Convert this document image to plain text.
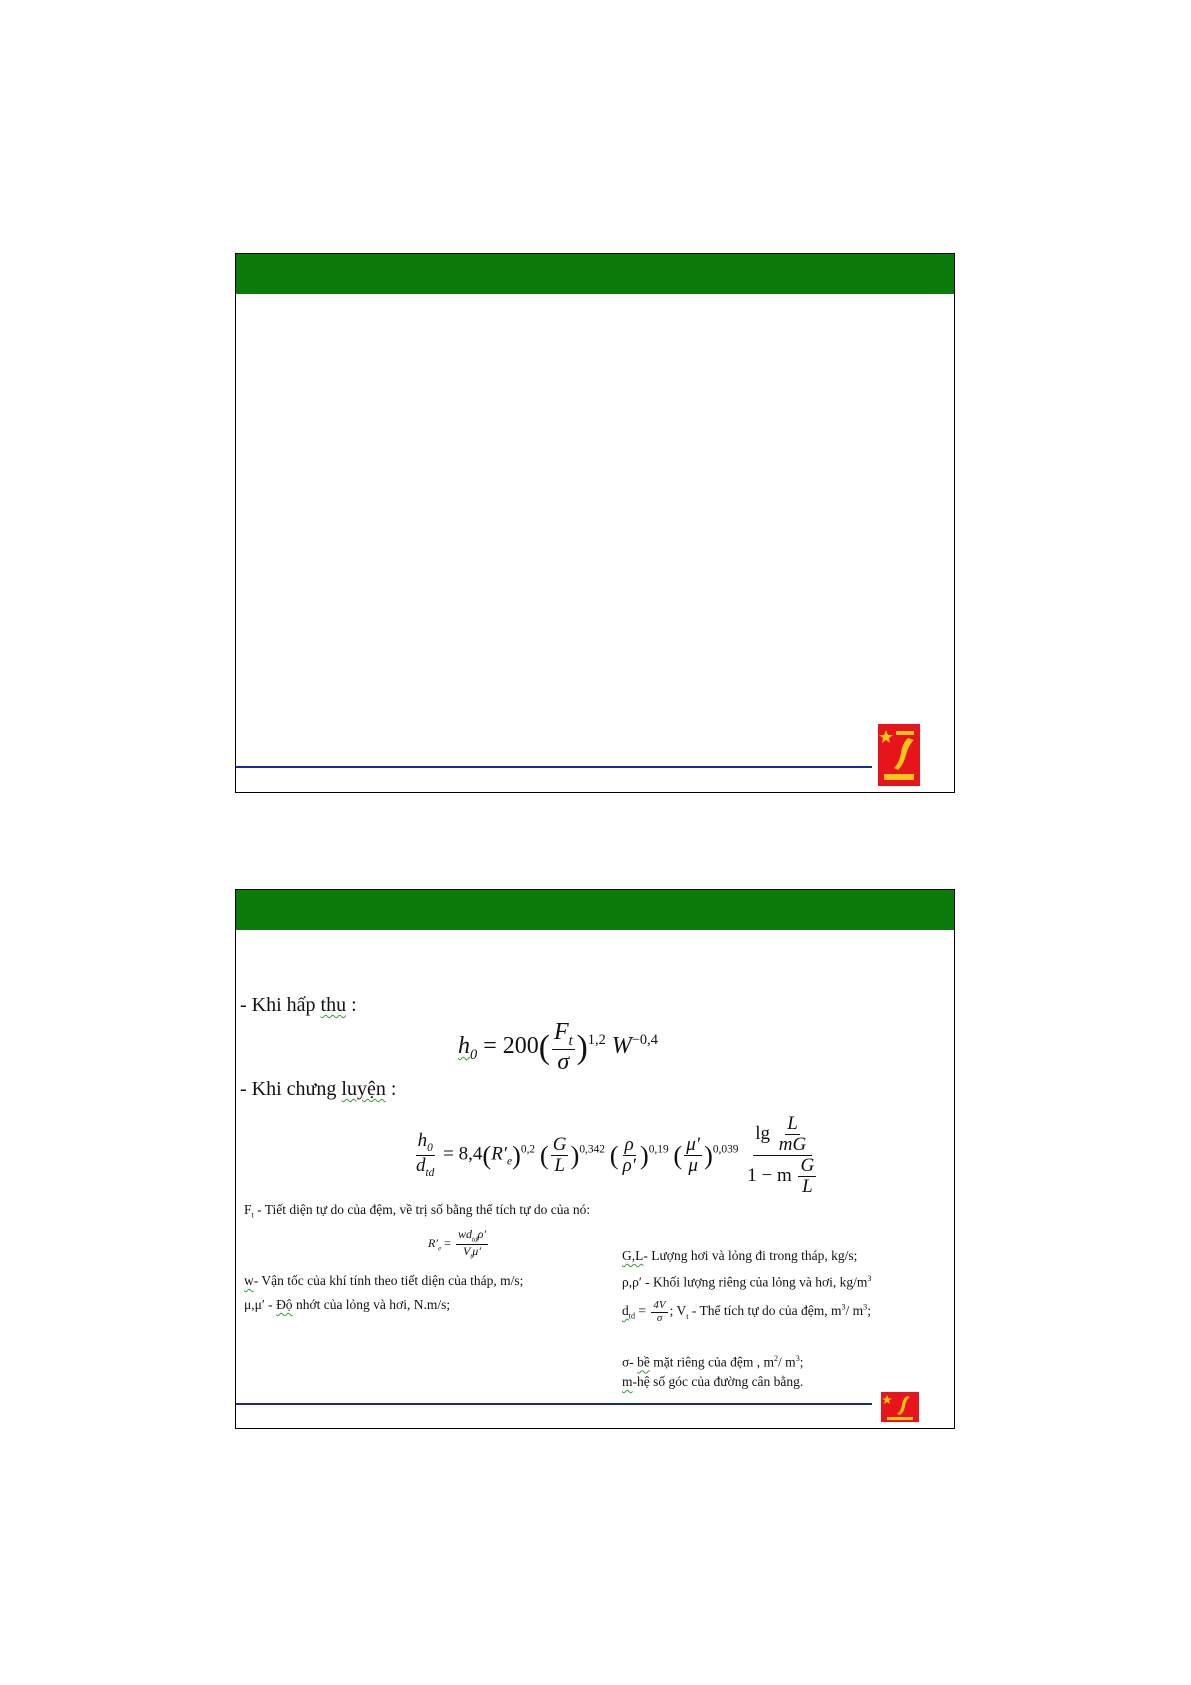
- Khi hấp thu :
$h_0 = 200( \frac{F_t}{\sigma} )^{1,2}$ $W^{-0,4}$
- Khi chưng luyện :
$\frac{h_0}{d_{td}} = 8,4(R'_e)^{0,2}$ ( $\frac{G}{L} )^{0,342}$ ( $\frac{\rho}{\rho'} )^{0,19}$ ( $\frac{\mu'}{\mu} )^{0,039} \frac{\lg \frac{L}{mG}}{1 - m \frac{G}{L}}$
$F_t$ - Tiết diện tự do của đệm, về trị số bằng thể tích tự do của nó:
$R'_e = \frac{wd_{td}\rho'}{V_t\mu'}$
w- Vận tốc của khí tính theo tiết diện của tháp, m/s;
μ,μ′ - Độ nhớt của lỏng và hơi, N.m/s;
G,L- Lượng hơi và lỏng đi trong tháp, kg/s;
ρ,ρ′ - Khối lượng riêng của lỏng và hơi, $kg/m^3$
$d_{td} = \frac{4V}{\sigma}$ ; $V_t$ - Thể tích tự do của đệm, $m^3/$ $m^3$;
σ- bề mặt riêng của đệm , $m^2/$ $m^3$;
m-hệ số góc của đường cân bằng.
